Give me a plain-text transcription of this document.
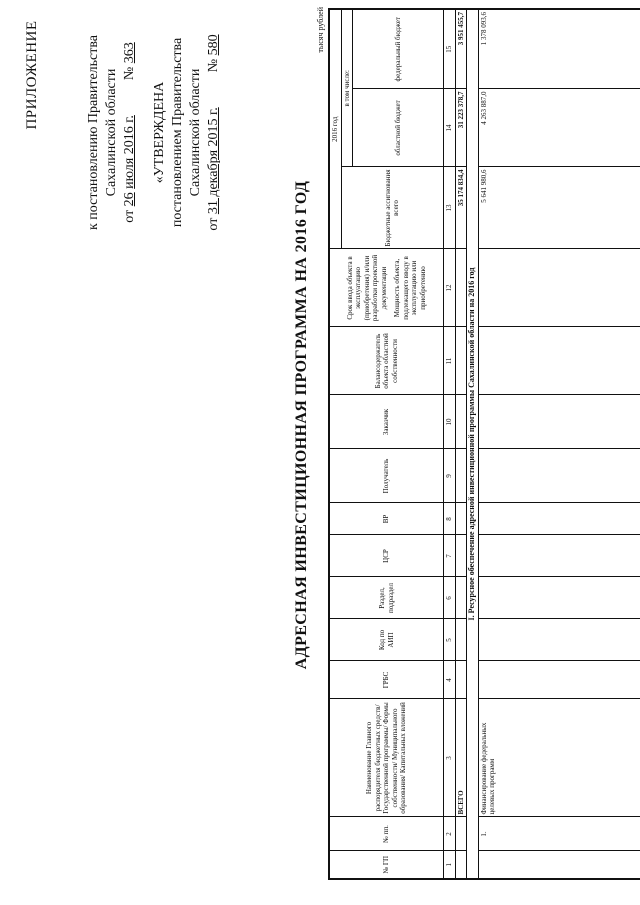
ПРИЛОЖЕНИЕ	к постановлению Правительства Сахалинской области
от 26 июля 2016 г.  № 363
«УТВЕРЖДЕНА постановлением Правительства Сахалинской области
от 31 декабря 2015 г.  № 580
АДРЕСНАЯ ИНВЕСТИЦИОННАЯ ПРОГРАММА НА 2016 ГОД
тысяч рублей
№ ГП	№ пп.	Наименование Главного распорядителя бюджетных средств/ Государственной программы/ Формы собственности/ Муниципального образования/ Капитальных вложений	ГРБС	Код по АИП	Раздел, подраздел	ЦСР	ВР	Получатель	Заказчик	Балансодержатель объекта областной собственности	Срок ввода объекта в эксплуатацию (приобретения) и/или разработки проектной документации Мощность объекта, подлежащего вводу в эксплуатацию или приобретению	2016 год		
												Бюджетные ассигнования всего	в том числе:	
													областной бюджет	федеральный бюджет
1	2	3	4	5	6	7	8	9	10	11	12	13	14	15
		ВСЕГО										35 174 834,4	31 223 378,7	3 951 455,7
I. Ресурсное обеспечение адресной инвестиционной программы Сахалинской области на 2016 год														
	1.	Финансирование федеральных целевых программ										5 641 980,6	4 263 887,0	1 378 093,6
